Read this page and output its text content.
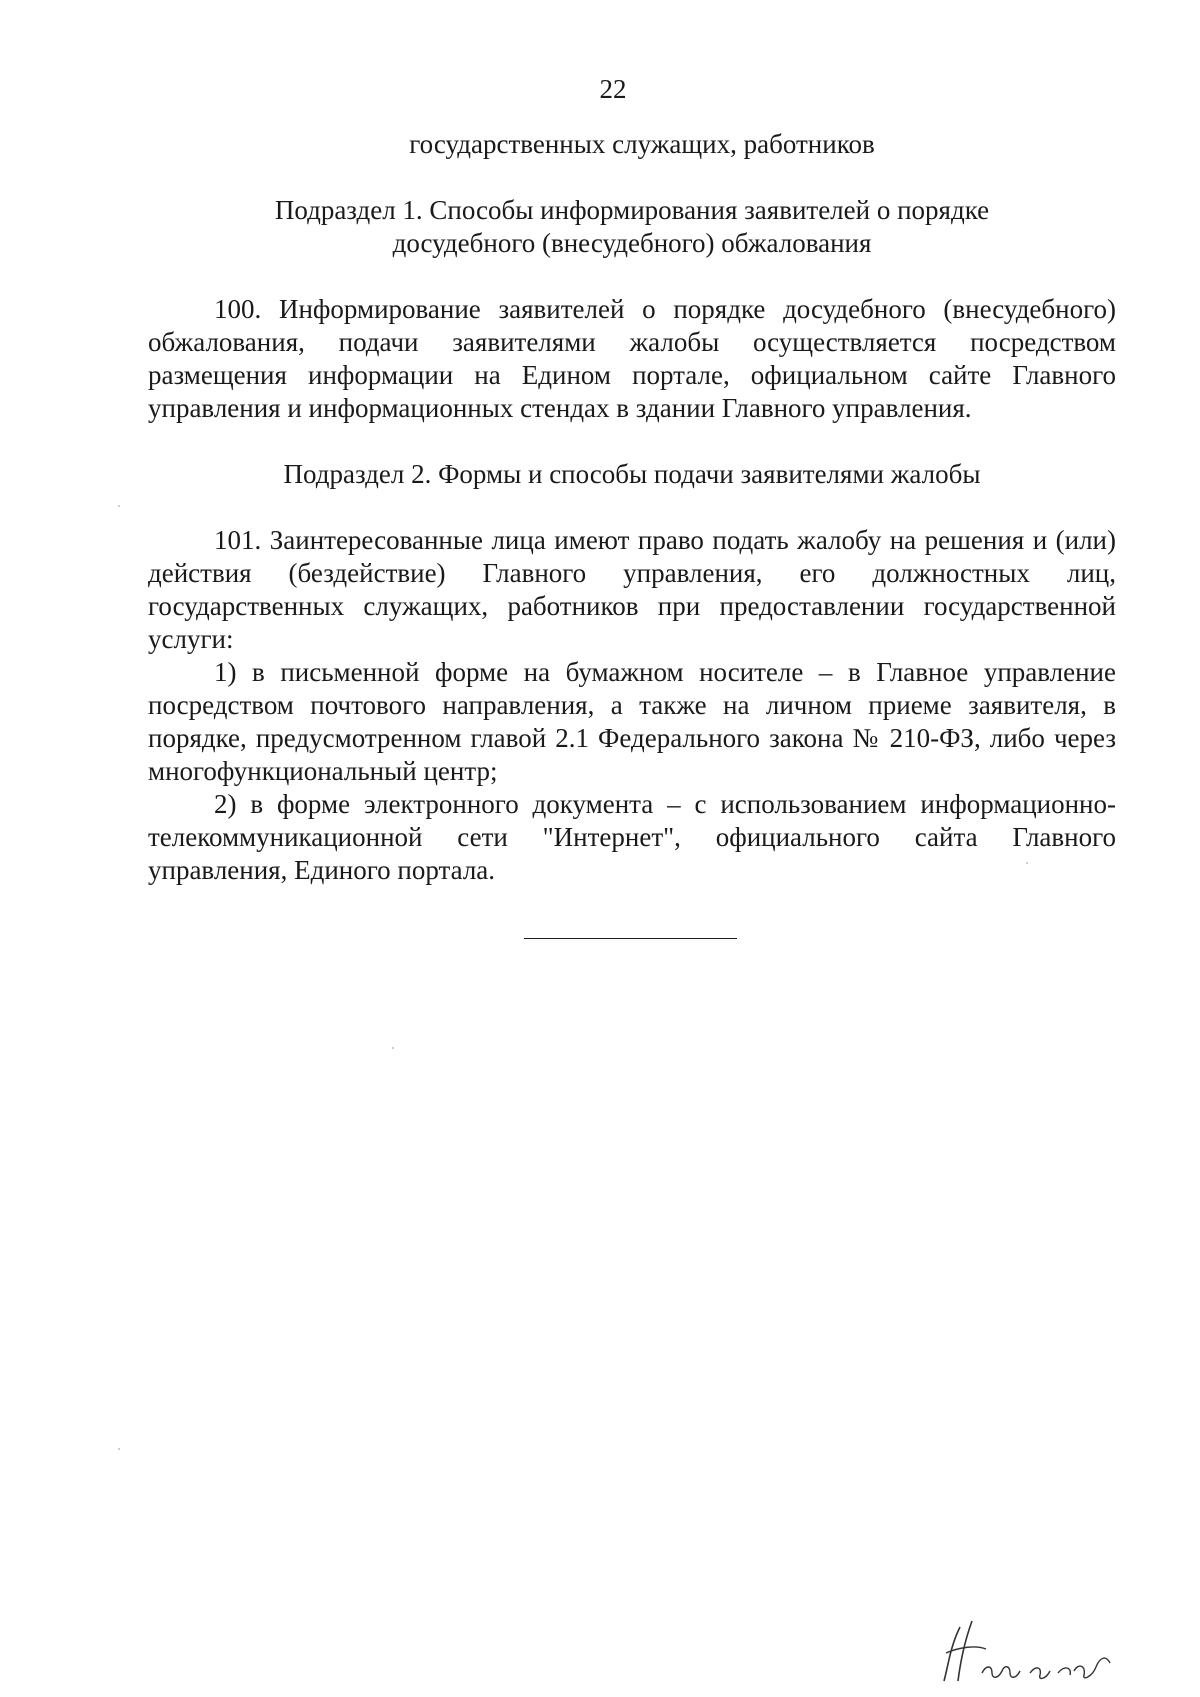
22

государственных служащих, работников

Подраздел 1. Способы информирования заявителей о порядке
досудебного (внесудебного) обжалования

100. Информирование заявителей о порядке досудебного (внесудебного) обжалования, подачи заявителями жалобы осуществляется посредством размещения информации на Едином портале, официальном сайте Главного управления и информационных стендах в здании Главного управления.

Подраздел 2. Формы и способы подачи заявителями жалобы

101. Заинтересованные лица имеют право подать жалобу на решения и (или) действия (бездействие) Главного управления, его должностных лиц, государственных служащих, работников при предоставлении государственной услуги:

1) в письменной форме на бумажном носителе – в Главное управление посредством почтового направления, а также на личном приеме заявителя, в порядке, предусмотренном главой 2.1 Федерального закона № 210-ФЗ, либо через многофункциональный центр;

2) в форме электронного документа – с использованием информационно-телекоммуникационной сети "Интернет", официального сайта Главного управления, Единого портала.
